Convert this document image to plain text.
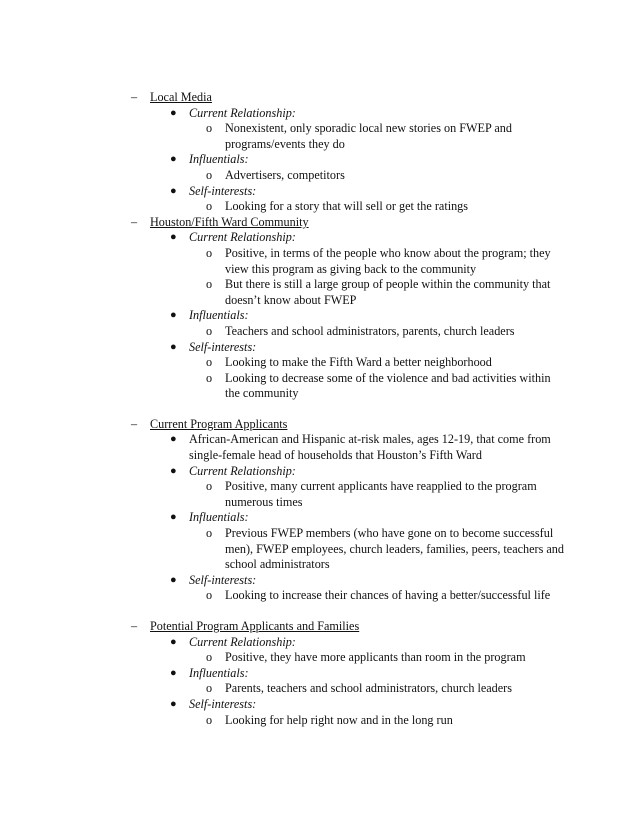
– Local Media
● Current Relationship:
o Nonexistent, only sporadic local new stories on FWEP and programs/events they do
● Influentials:
o Advertisers, competitors
● Self-interests:
o Looking for a story that will sell or get the ratings
– Houston/Fifth Ward Community
● Current Relationship:
o Positive, in terms of the people who know about the program; they view this program as giving back to the community
o But there is still a large group of people within the community that doesn’t know about FWEP
● Influentials:
o Teachers and school administrators, parents, church leaders
● Self-interests:
o Looking to make the Fifth Ward a better neighborhood
o Looking to decrease some of the violence and bad activities within the community
– Current Program Applicants
● African-American and Hispanic at-risk males, ages 12-19, that come from single-female head of households that Houston’s Fifth Ward
● Current Relationship:
o Positive, many current applicants have reapplied to the program numerous times
● Influentials:
o Previous FWEP members (who have gone on to become successful men), FWEP employees, church leaders, families, peers, teachers and school administrators
● Self-interests:
o Looking to increase their chances of having a better/successful life
– Potential Program Applicants and Families
● Current Relationship:
o Positive, they have more applicants than room in the program
● Influentials:
o Parents, teachers and school administrators, church leaders
● Self-interests:
o Looking for help right now and in the long run
